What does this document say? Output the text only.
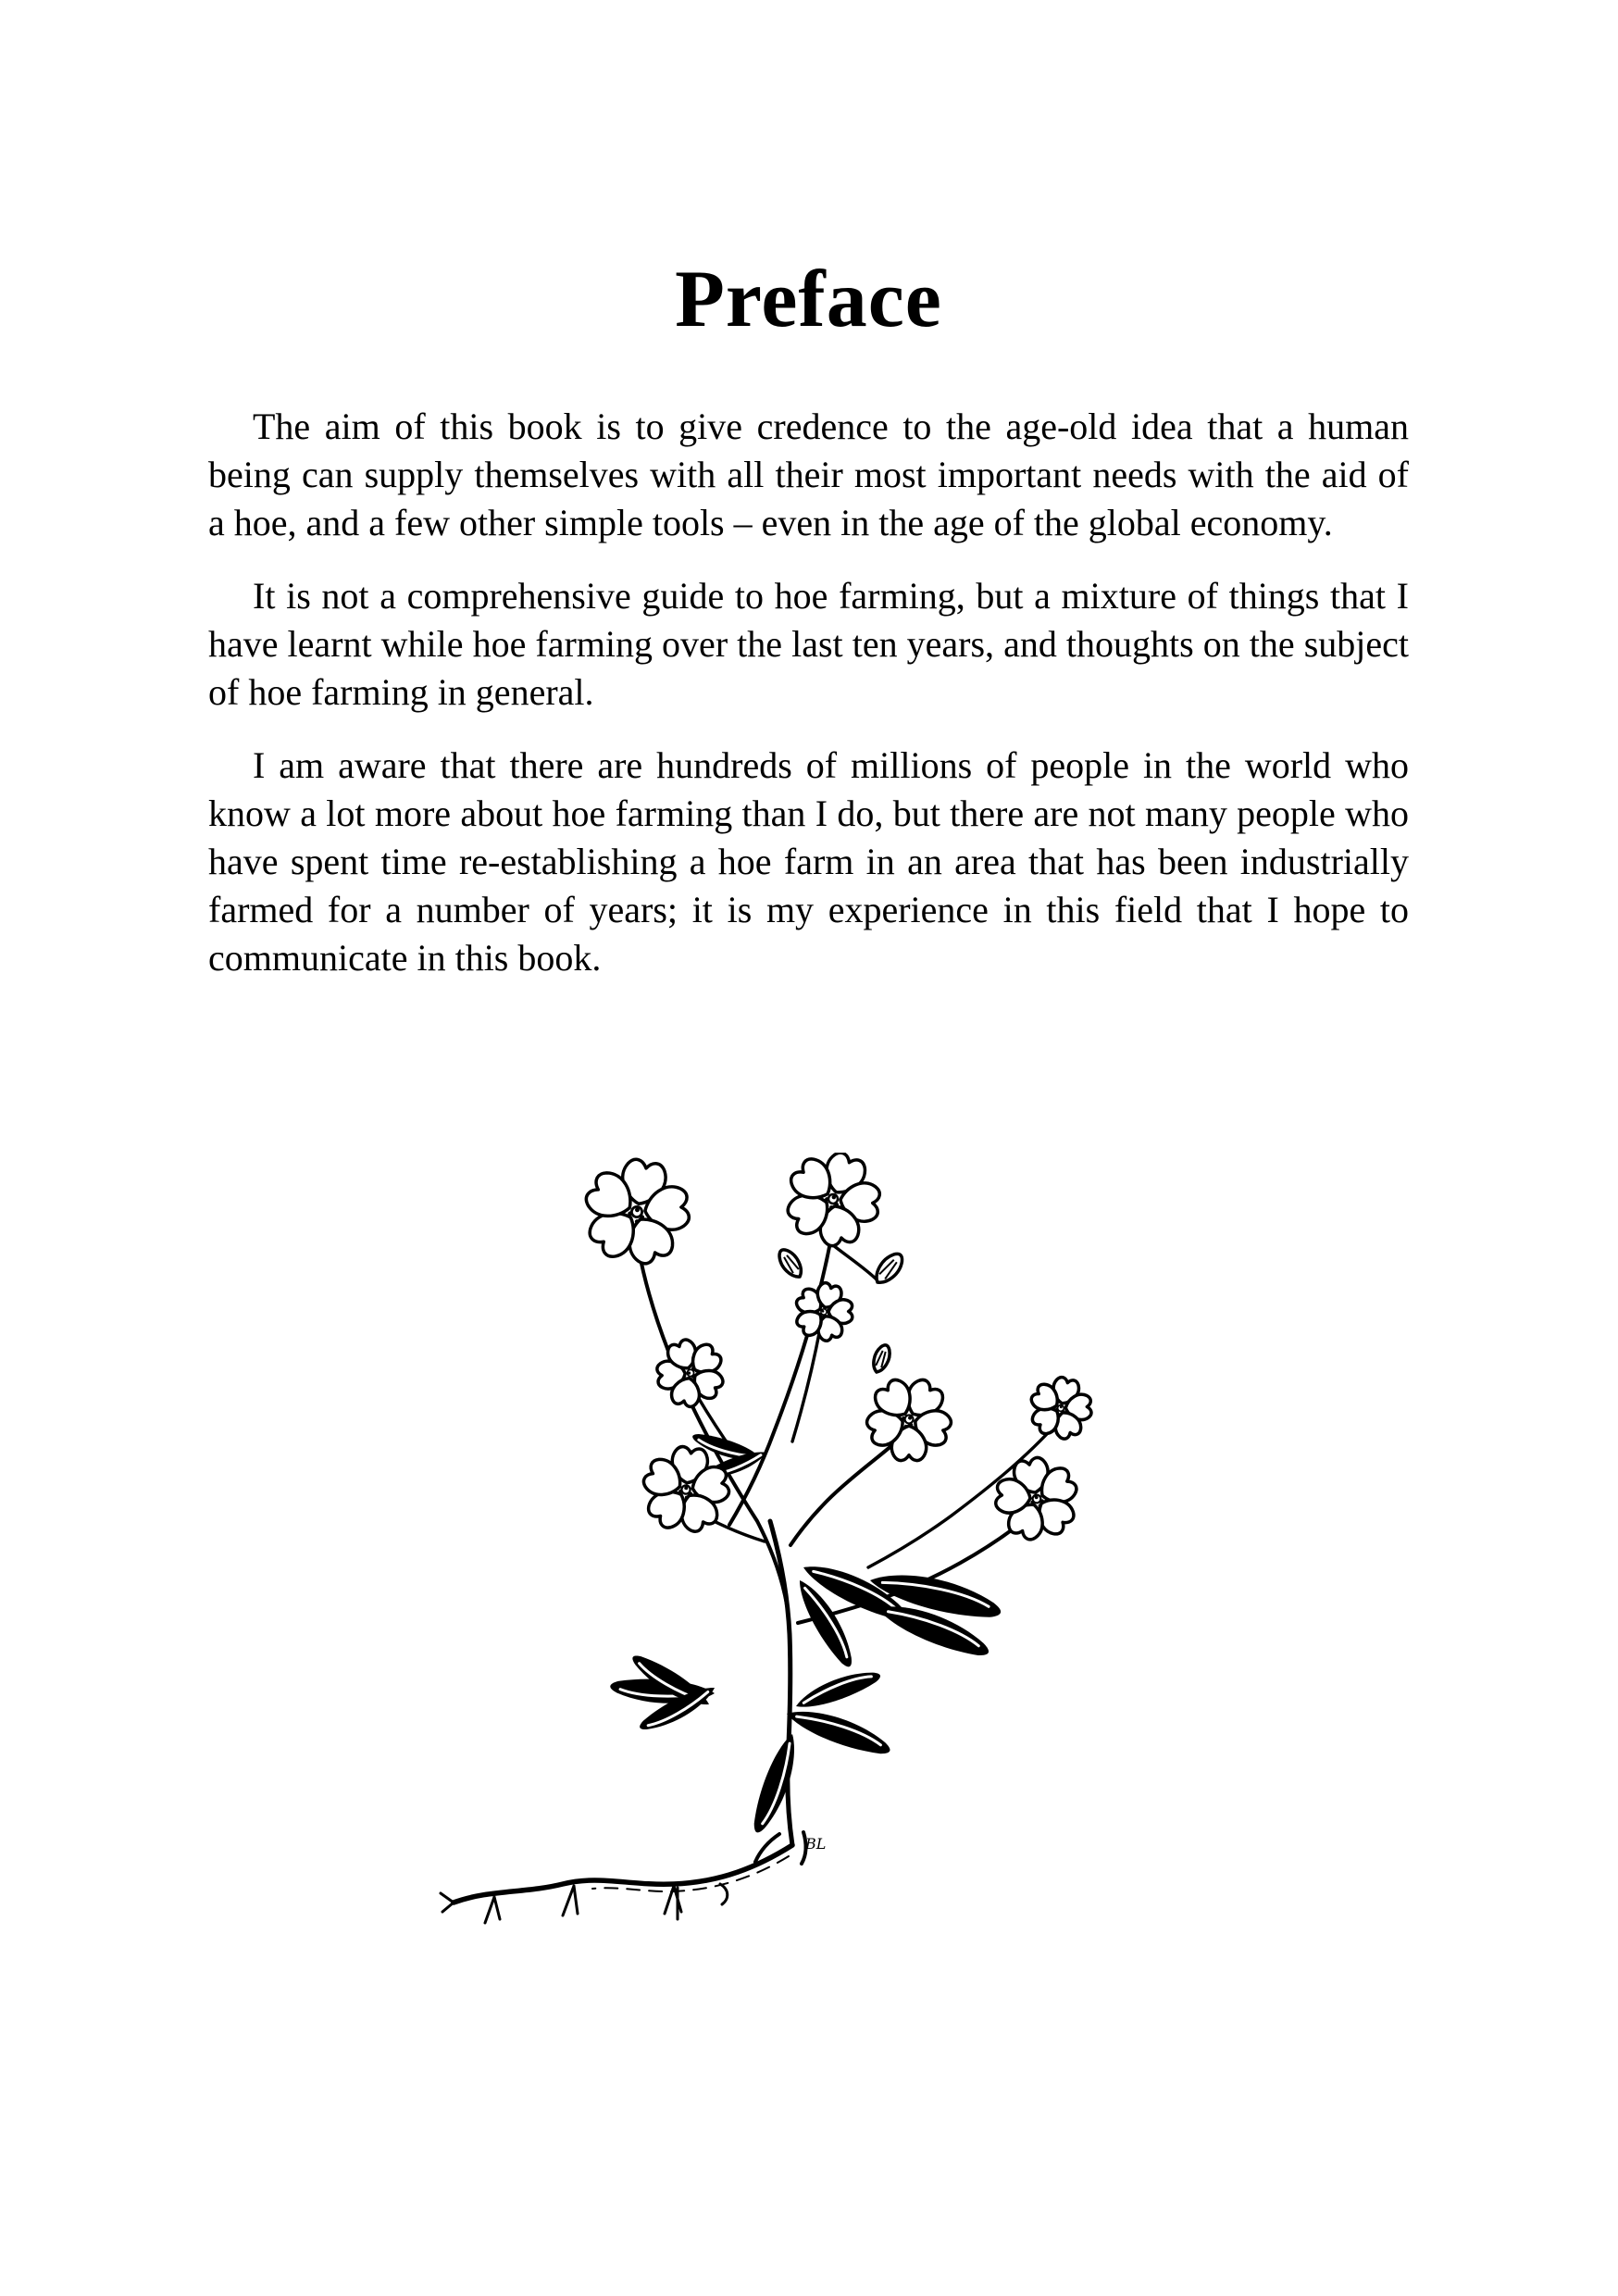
Preface

The aim of this book is to give credence to the age-old idea that a human being can supply themselves with all their most important needs with the aid of a hoe, and a few other simple tools – even in the age of the global economy.

It is not a comprehensive guide to hoe farming, but a mixture of things that I have learnt while hoe farming over the last ten years, and thoughts on the subject of hoe farming in general.

I am aware that there are hundreds of millions of people in the world who know a lot more about hoe farming than I do, but there are not many people who have spent time re-establishing a hoe farm in an area that has been industrially farmed for a number of years; it is my experience in this field that I hope to communicate in this book.

BL
